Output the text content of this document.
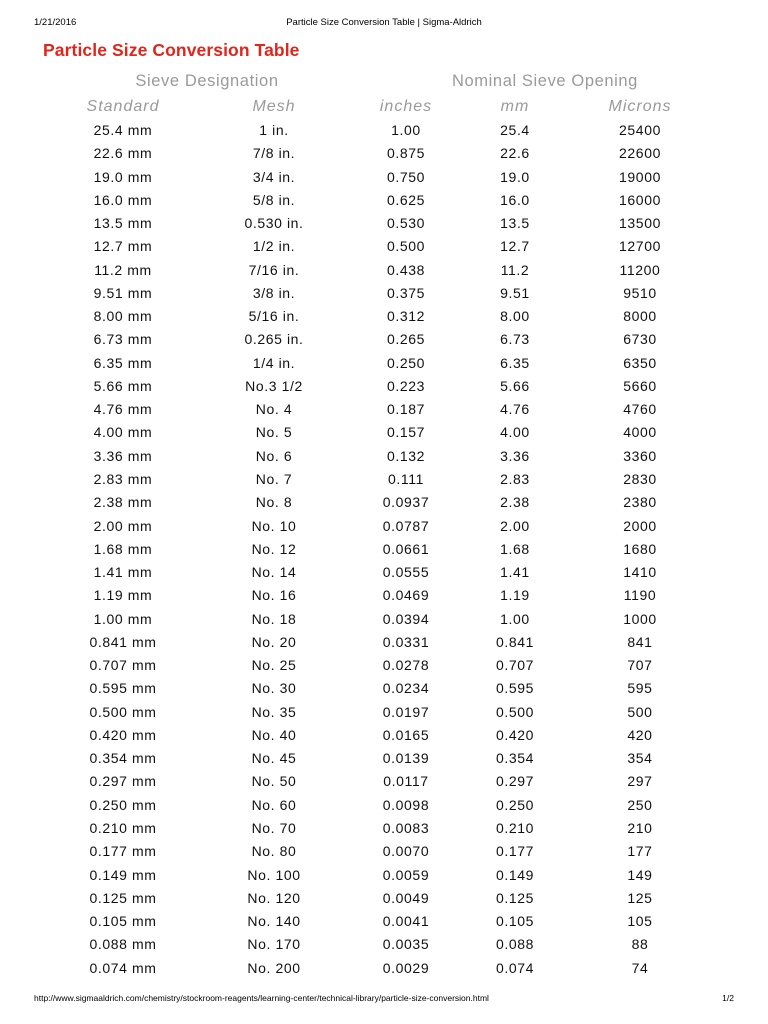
1/21/2016	Particle Size Conversion Table | Sigma-Aldrich
Particle Size Conversion Table
Sieve Designation	Nominal Sieve Opening
Standard	Mesh	inches	mm	Microns
25.4 mm	1 in.	1.00	25.4	25400
22.6 mm	7/8 in.	0.875	22.6	22600
19.0 mm	3/4 in.	0.750	19.0	19000
16.0 mm	5/8 in.	0.625	16.0	16000
13.5 mm	0.530 in.	0.530	13.5	13500
12.7 mm	1/2 in.	0.500	12.7	12700
11.2 mm	7/16 in.	0.438	11.2	11200
9.51 mm	3/8 in.	0.375	9.51	9510
8.00 mm	5/16 in.	0.312	8.00	8000
6.73 mm	0.265 in.	0.265	6.73	6730
6.35 mm	1/4 in.	0.250	6.35	6350
5.66 mm	No.3 1/2	0.223	5.66	5660
4.76 mm	No. 4	0.187	4.76	4760
4.00 mm	No. 5	0.157	4.00	4000
3.36 mm	No. 6	0.132	3.36	3360
2.83 mm	No. 7	0.111	2.83	2830
2.38 mm	No. 8	0.0937	2.38	2380
2.00 mm	No. 10	0.0787	2.00	2000
1.68 mm	No. 12	0.0661	1.68	1680
1.41 mm	No. 14	0.0555	1.41	1410
1.19 mm	No. 16	0.0469	1.19	1190
1.00 mm	No. 18	0.0394	1.00	1000
0.841 mm	No. 20	0.0331	0.841	841
0.707 mm	No. 25	0.0278	0.707	707
0.595 mm	No. 30	0.0234	0.595	595
0.500 mm	No. 35	0.0197	0.500	500
0.420 mm	No. 40	0.0165	0.420	420
0.354 mm	No. 45	0.0139	0.354	354
0.297 mm	No. 50	0.0117	0.297	297
0.250 mm	No. 60	0.0098	0.250	250
0.210 mm	No. 70	0.0083	0.210	210
0.177 mm	No. 80	0.0070	0.177	177
0.149 mm	No. 100	0.0059	0.149	149
0.125 mm	No. 120	0.0049	0.125	125
0.105 mm	No. 140	0.0041	0.105	105
0.088 mm	No. 170	0.0035	0.088	88
0.074 mm	No. 200	0.0029	0.074	74
http://www.sigmaaldrich.com/chemistry/stockroom-reagents/learning-center/technical-library/particle-size-conversion.html	1/2
